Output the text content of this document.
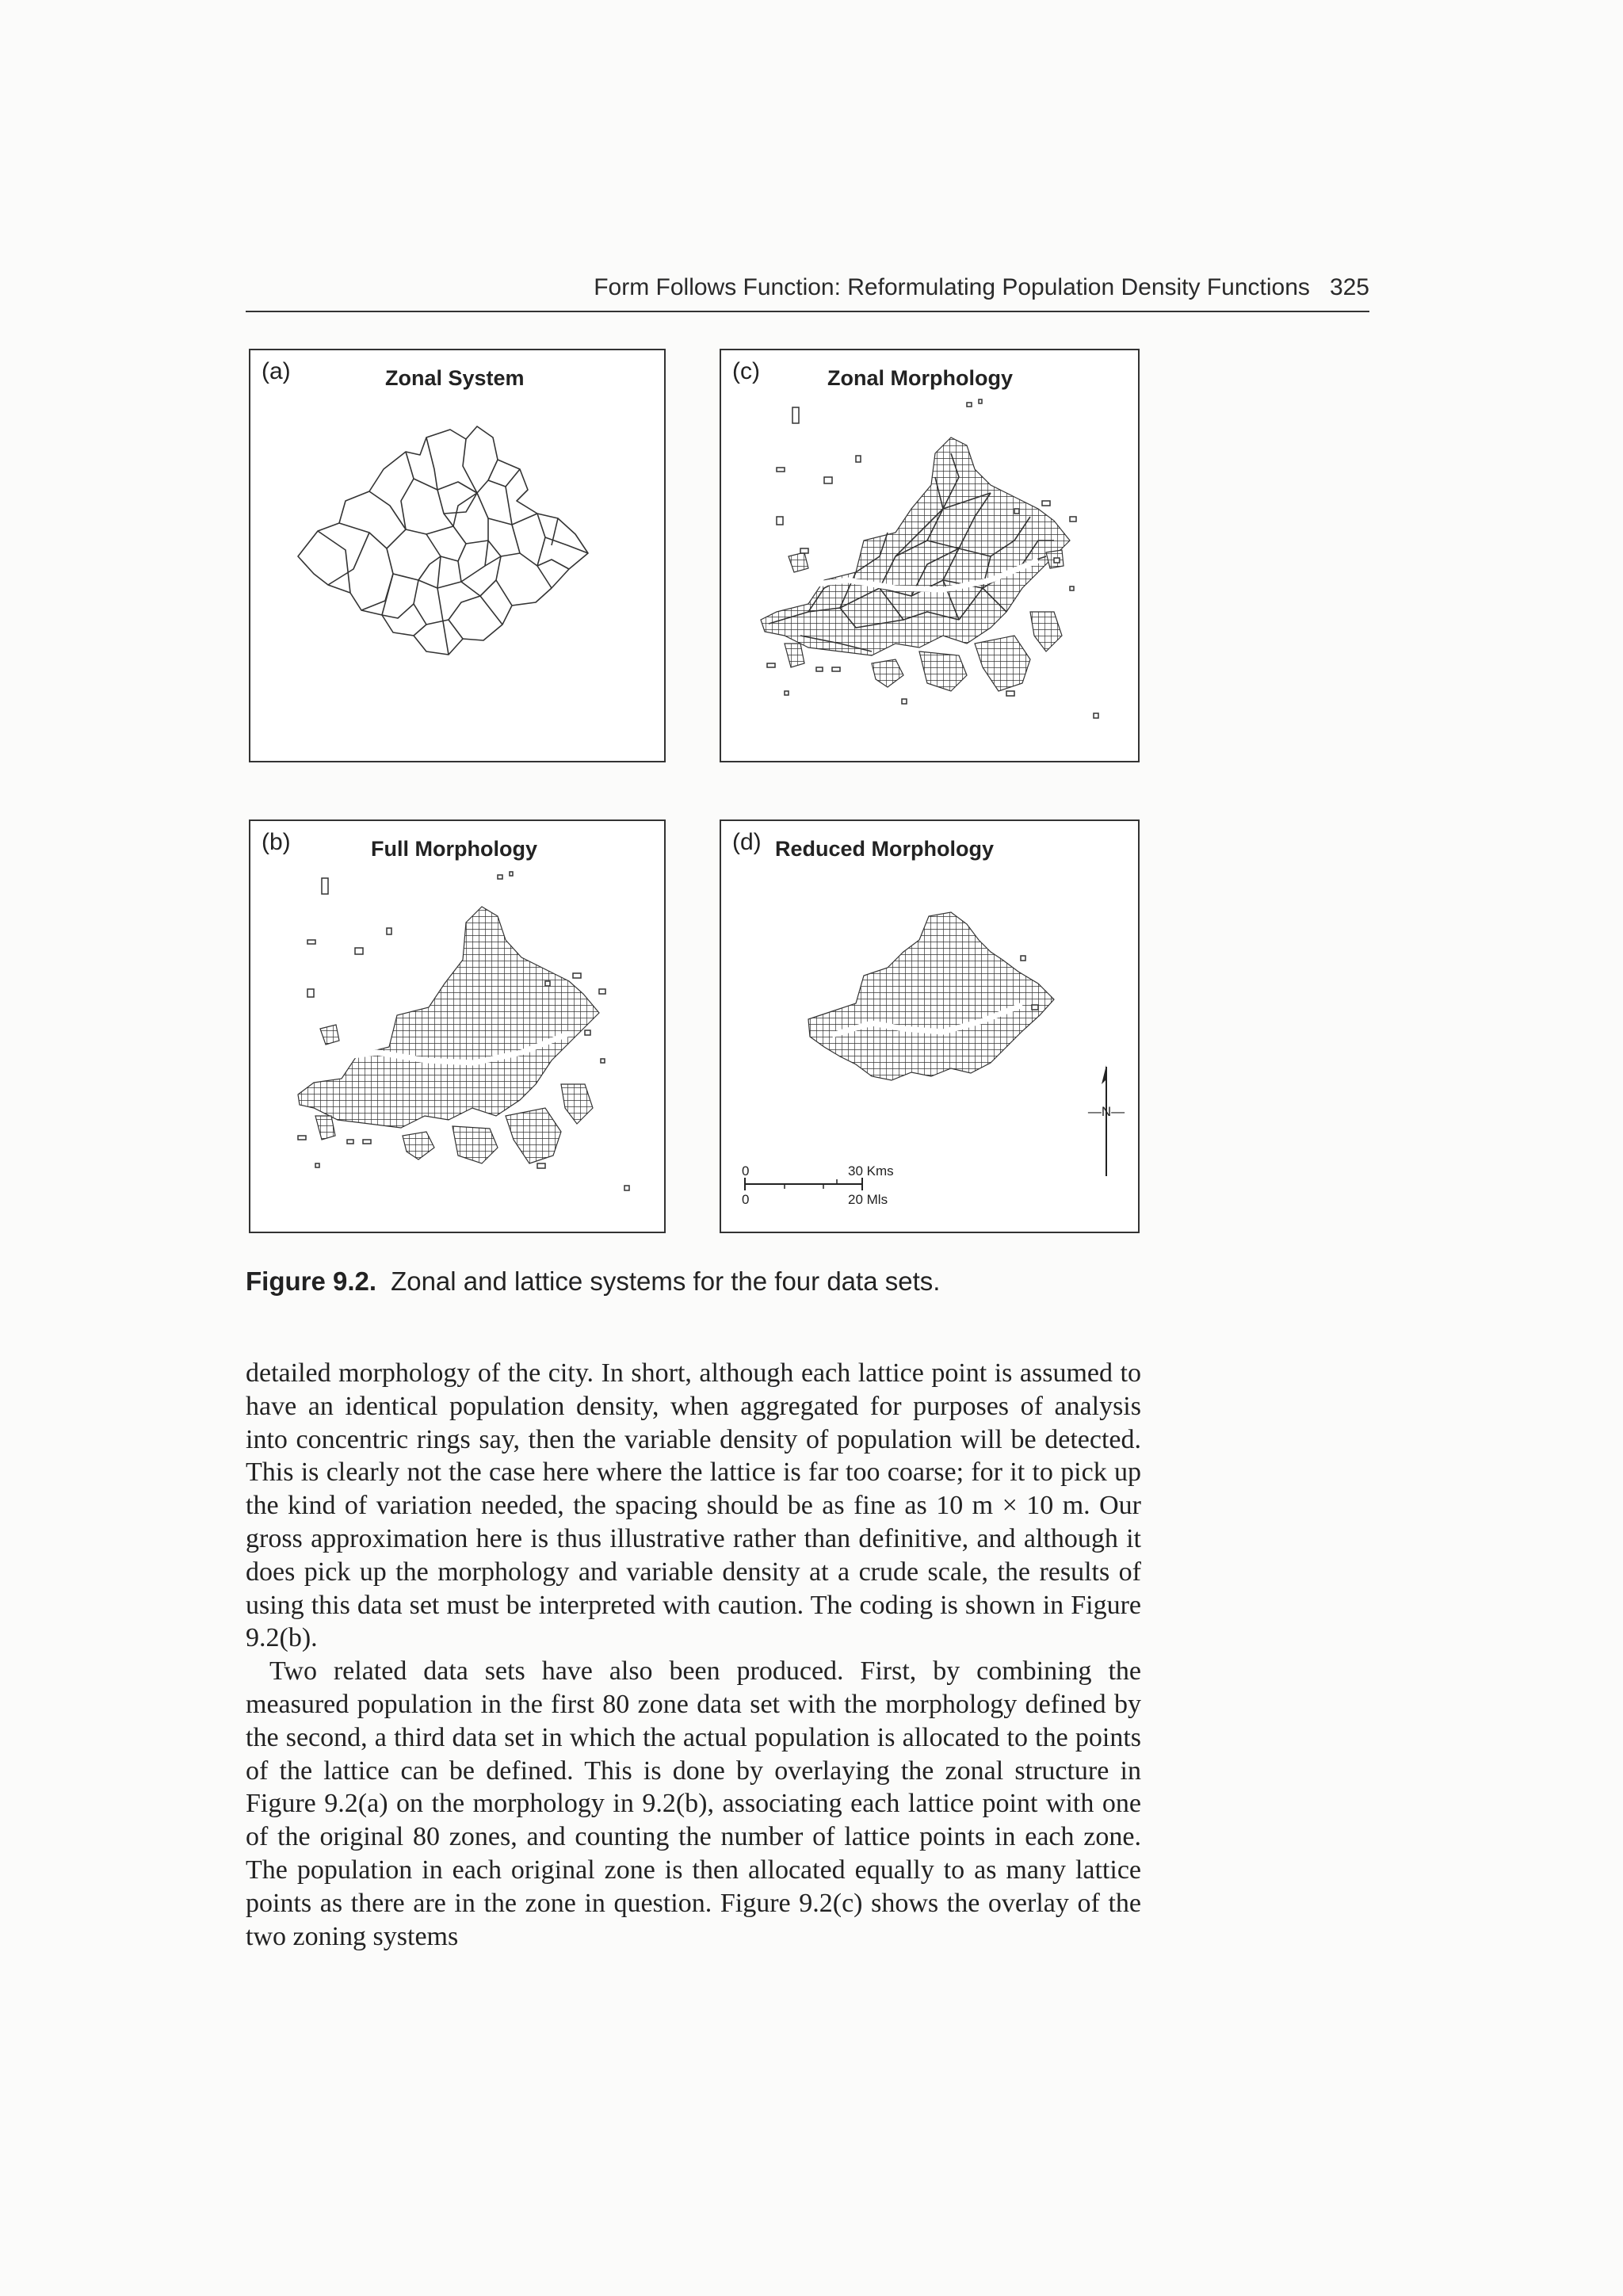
Form Follows Function: Reformulating Population Density Functions 325
(a)	Zonal System	(c)	Zonal Morphology
(b)	Full Morphology	(d) Reduced Morphology
0	30 Kms
0	20 Mls
—N—
Figure 9.2. Zonal and lattice systems for the four data sets.

detailed morphology of the city. In short, although each lattice point is assumed to have an identical population density, when aggregated for purposes of analysis into concentric rings say, then the variable density of population will be detected. This is clearly not the case here where the lattice is far too coarse; for it to pick up the kind of variation needed, the spacing should be as fine as 10 m × 10 m. Our gross approximation here is thus illustrative rather than definitive, and although it does pick up the morphology and variable density at a crude scale, the results of using this data set must be interpreted with caution. The coding is shown in Figure 9.2(b).

Two related data sets have also been produced. First, by combining the measured population in the first 80 zone data set with the morphology defined by the second, a third data set in which the actual population is allocated to the points of the lattice can be defined. This is done by overlaying the zonal structure in Figure 9.2(a) on the morphology in 9.2(b), associating each lattice point with one of the original 80 zones, and counting the number of lattice points in each zone. The population in each original zone is then allocated equally to as many lattice points as there are in the zone in question. Figure 9.2(c) shows the overlay of the two zoning systems
